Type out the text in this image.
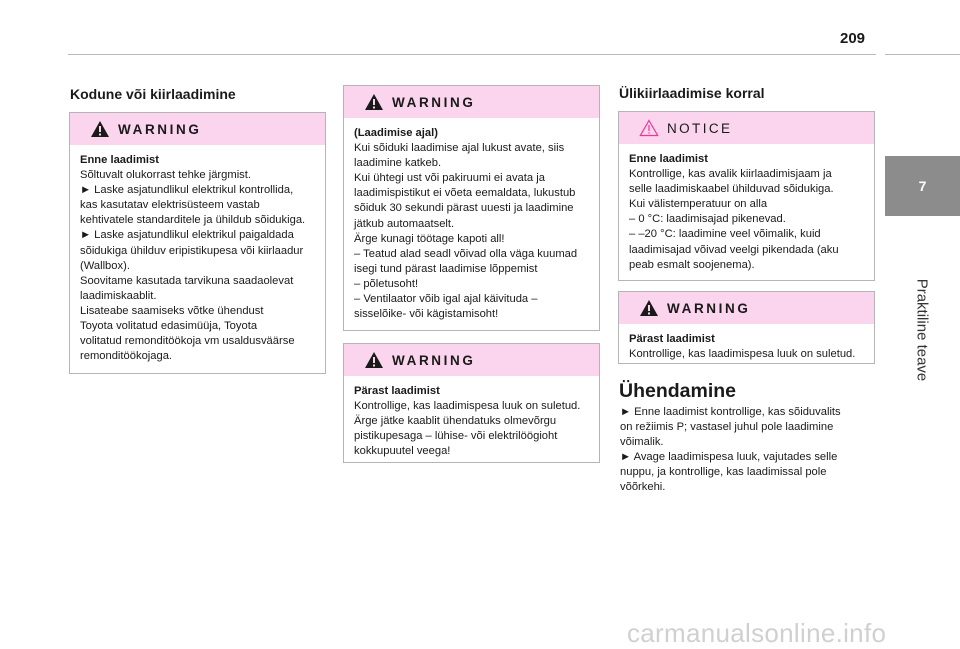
209
7
Praktiline teave
Kodune või kiirlaadimine
WARNING
Enne laadimist
Sõltuvalt olukorrast tehke järgmist.
► Laske asjatundlikul elektrikul kontrollida,
kas kasutatav elektrisüsteem vastab
kehtivatele standarditele ja ühildub sõidukiga.
► Laske asjatundlikul elektrikul paigaldada
sõidukiga ühilduv eripistikupesa või kiirlaadur
(Wallbox).
Soovitame kasutada tarvikuna saadaolevat
laadimiskaablit.
Lisateabe saamiseks võtke ühendust
Toyota volitatud edasimüüja, Toyota
volitatud remonditöökoja vm usaldusväärse
remonditöökojaga.
WARNING
(Laadimise ajal)
Kui sõiduki laadimise ajal lukust avate, siis
laadimine katkeb.
Kui ühtegi ust või pakiruumi ei avata ja
laadimispistikut ei võeta eemaldata, lukustub
sõiduk 30 sekundi pärast uuesti ja laadimine
jätkub automaatselt.
Ärge kunagi töötage kapoti all!
– Teatud alad seadl võivad olla väga kuumad
isegi tund pärast laadimise lõppemist
– põletusoht!
– Ventilaator võib igal ajal käivituda –
sisselõike- või kägistamisoht!
WARNING
Pärast laadimist
Kontrollige, kas laadimispesa luuk on suletud.
Ärge jätke kaablit ühendatuks olmevõrgu
pistikupesaga – lühise- või elektrilöögioht
kokkupuutel veega!
Ülikiirlaadimise korral
NOTICE
Enne laadimist
Kontrollige, kas avalik kiirlaadimisjaam ja
selle laadimiskaabel ühilduvad sõidukiga.
Kui välistemperatuur on alla
– 0 °C: laadimisajad pikenevad.
– –20 °C: laadimine veel võimalik, kuid
laadimisajad võivad veelgi pikendada (aku
peab esmalt soojenema).
WARNING
Pärast laadimist
Kontrollige, kas laadimispesa luuk on suletud.
Ühendamine
► Enne laadimist kontrollige, kas sõiduvalits
on režiimis P; vastasel juhul pole laadimine
võimalik.
► Avage laadimispesa luuk, vajutades selle
nuppu, ja kontrollige, kas laadimissal pole
võõrkehi.
carmanualsonline.info
